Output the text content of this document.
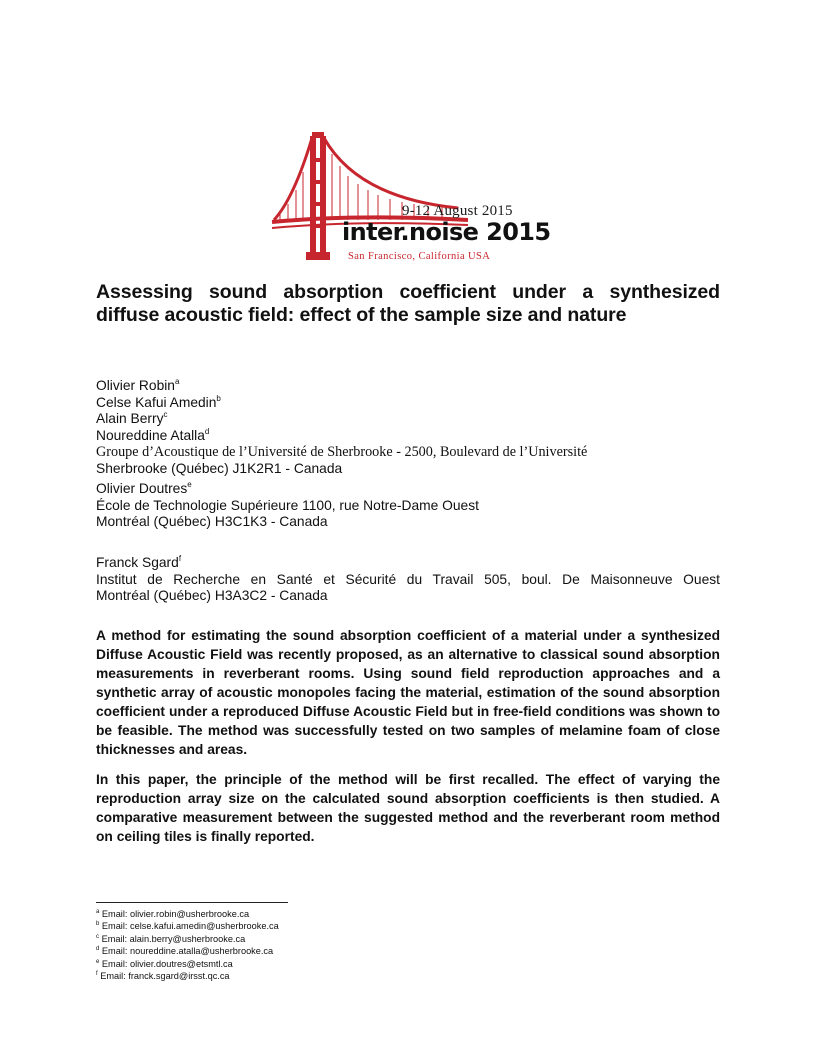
9-12 August 2015
inter.noise 2015
San Francisco, California USA
Assessing sound absorption coefficient under a synthesized diffuse acoustic field: effect of the sample size and nature

Olivier Robin$^a$

Celse Kafui Amedin$^b$

Alain Berry$^c$

Noureddine Atalla$^d$

Groupe d’Acoustique de l’Université de Sherbrooke - 2500, Boulevard de l’Université

Sherbrooke (Québec) J1K2R1 - Canada

Olivier Doutres$^e$

École de Technologie Supérieure 1100, rue Notre-Dame Ouest

Montréal (Québec) H3C1K3 - Canada

Franck Sgard$^f$

Institut de Recherche en Santé et Sécurité du Travail 505, boul. De Maisonneuve Ouest

Montréal (Québec) H3A3C2 - Canada

A method for estimating the sound absorption coefficient of a material under a synthesized Diffuse Acoustic Field was recently proposed, as an alternative to classical sound absorption measurements in reverberant rooms. Using sound field reproduction approaches and a synthetic array of acoustic monopoles facing the material, estimation of the sound absorption coefficient under a reproduced Diffuse Acoustic Field but in free-field conditions was shown to be feasible. The method was successfully tested on two samples of melamine foam of close thicknesses and areas.

In this paper, the principle of the method will be first recalled. The effect of varying the reproduction array size on the calculated sound absorption coefficients is then studied. A comparative measurement between the suggested method and the reverberant room method on ceiling tiles is finally reported.

$^a$ Email: olivier.robin@usherbrooke.ca
$^b$ Email: celse.kafui.amedin@usherbrooke.ca
$^c$ Email: alain.berry@usherbrooke.ca
$^d$ Email: noureddine.atalla@usherbrooke.ca
$^e$ Email: olivier.doutres@etsmtl.ca
$^f$ Email: franck.sgard@irsst.qc.ca
